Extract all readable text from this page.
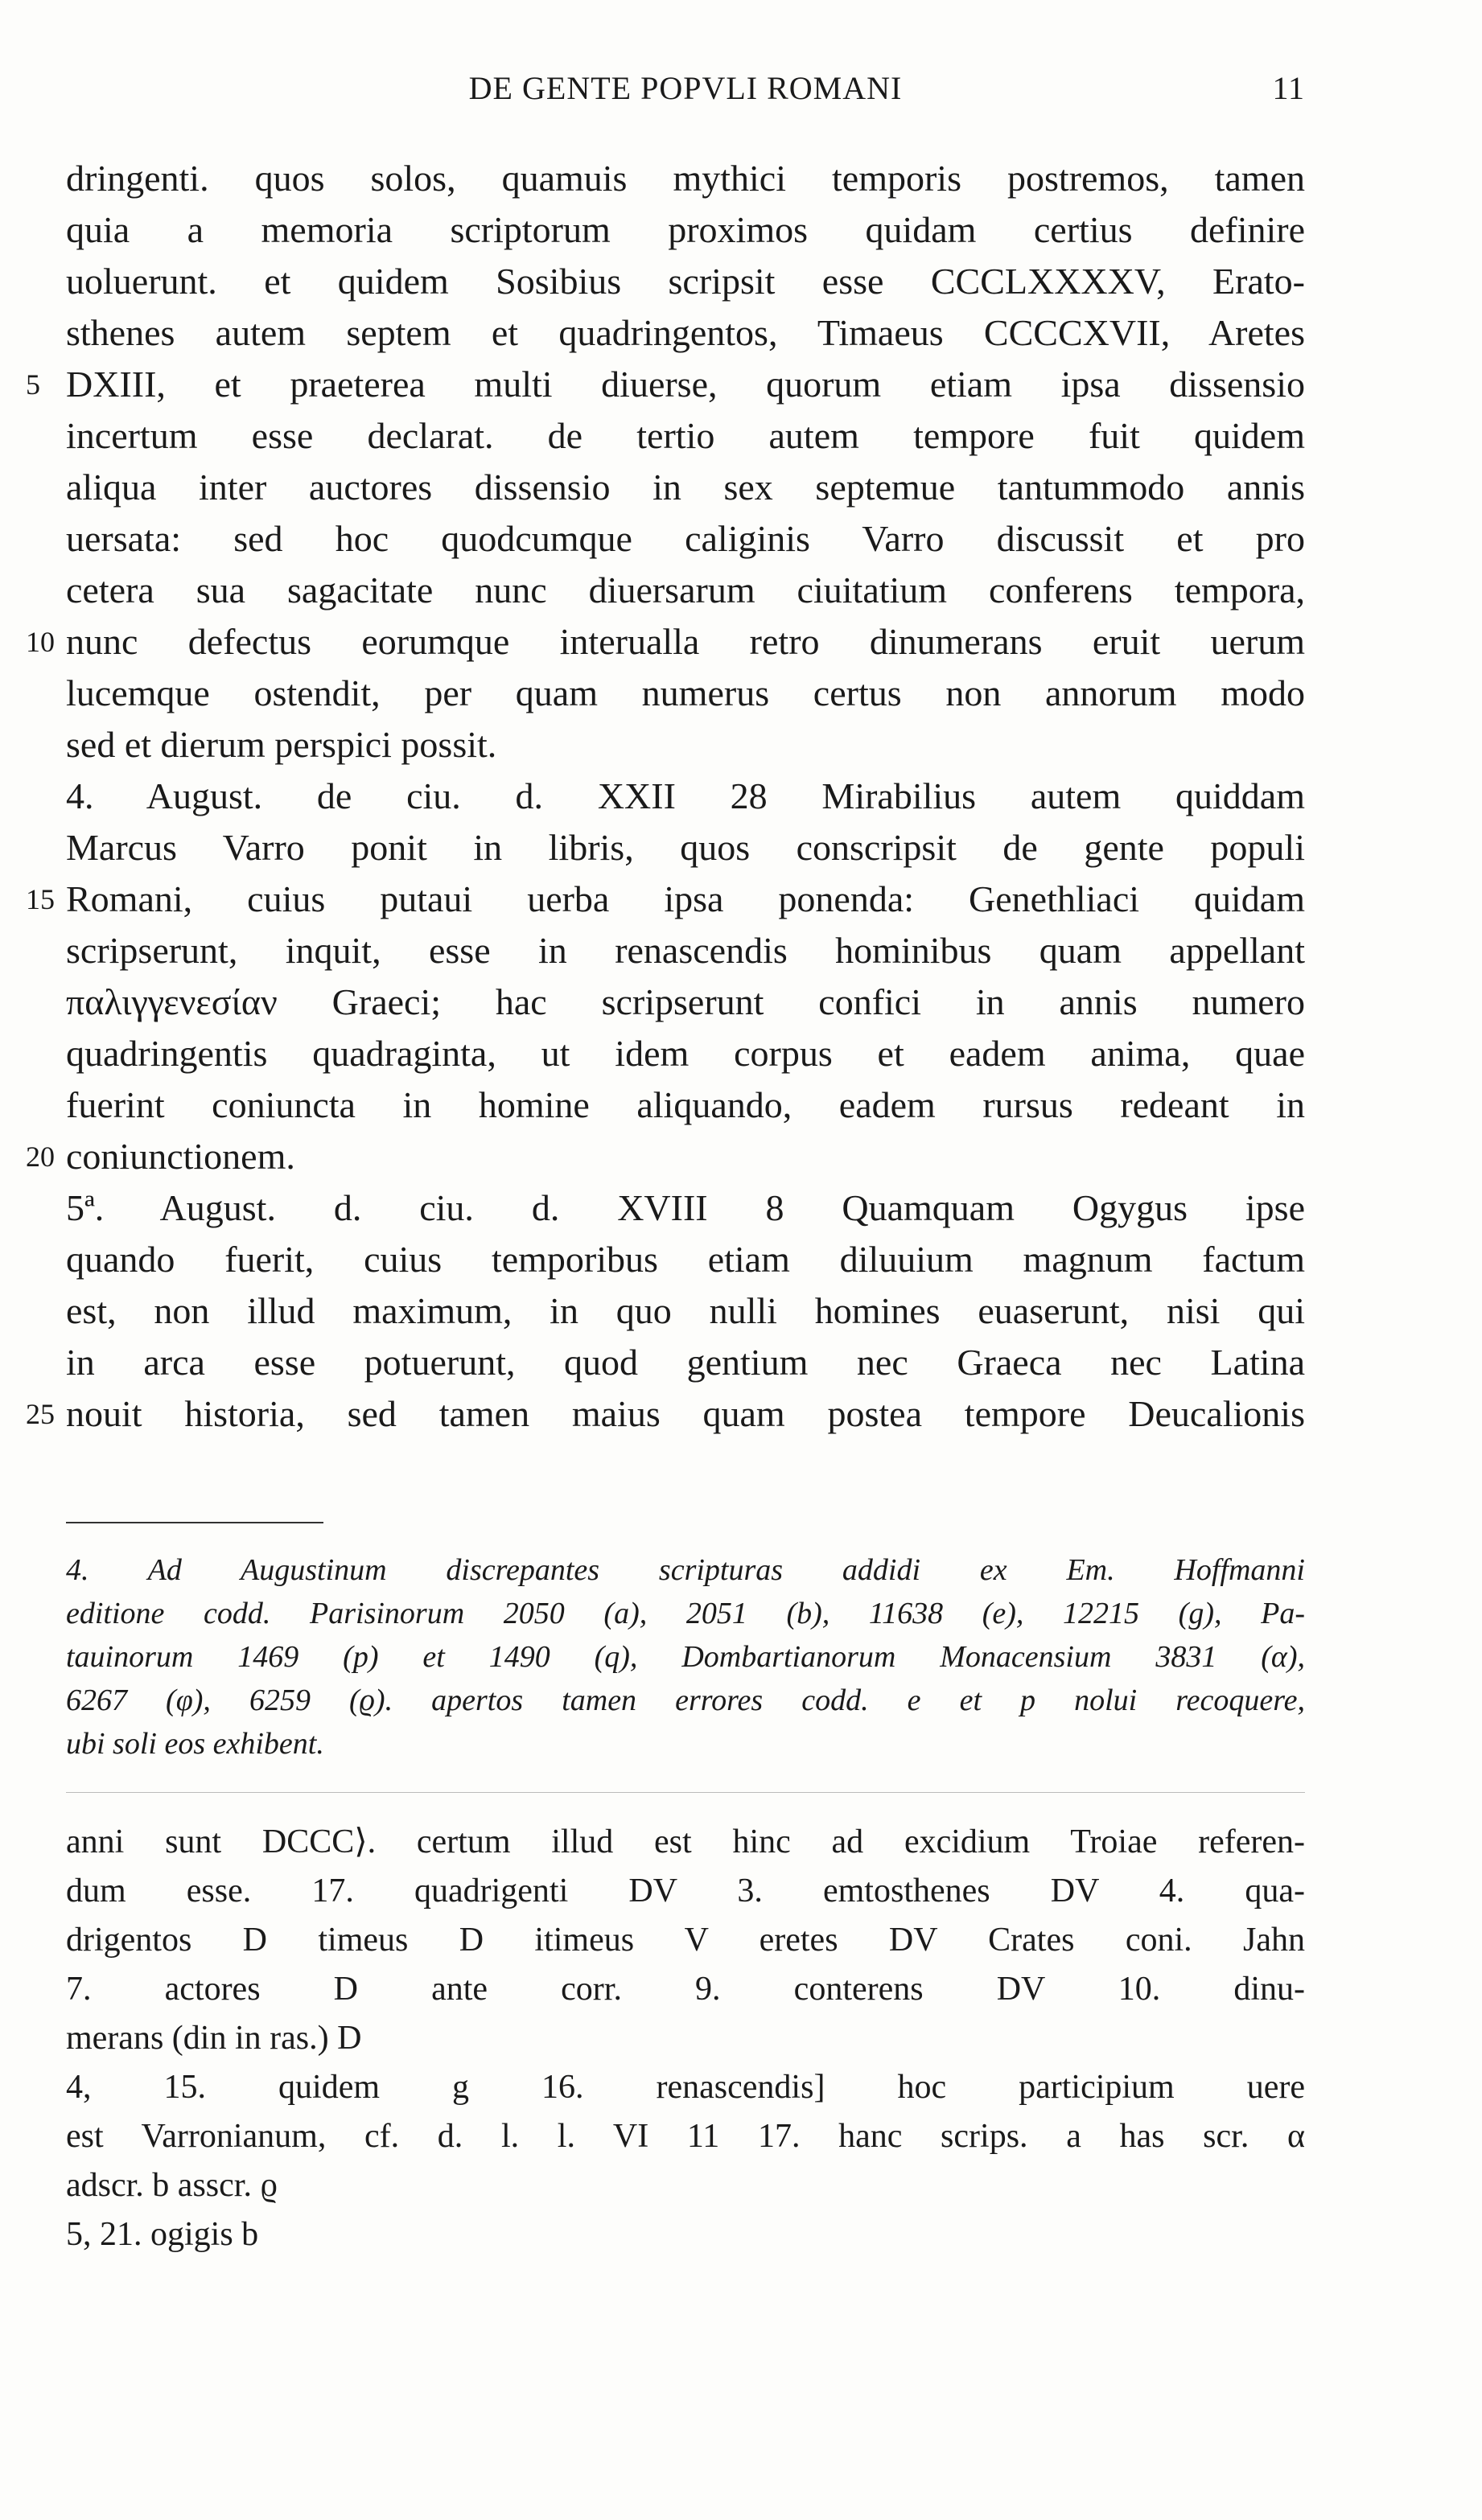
DE GENTE POPVLI ROMANI	11
dringenti. quos solos, quamuis mythici temporis postremos, tamen
quia a memoria scriptorum proximos quidam certius definire
uoluerunt. et quidem Sosibius scripsit esse CCCLXXXXV, Erato-
sthenes autem septem et quadringentos, Timaeus CCCCXVII, Aretes
5 DXIII, et praeterea multi diuerse, quorum etiam ipsa dissensio
incertum esse declarat. de tertio autem tempore fuit quidem
aliqua inter auctores dissensio in sex septemue tantummodo annis
uersata: sed hoc quodcumque caliginis Varro discussit et pro
cetera sua sagacitate nunc diuersarum ciuitatium conferens tempora,
10 nunc defectus eorumque interualla retro dinumerans eruit uerum
lucemque ostendit, per quam numerus certus non annorum modo
sed et dierum perspici possit.
4. August. de ciu. d. XXII 28 Mirabilius autem quiddam
Marcus Varro ponit in libris, quos conscripsit de gente populi
15 Romani, cuius putaui uerba ipsa ponenda: Genethliaci quidam
scripserunt, inquit, esse in renascendis hominibus quam appellant
παλιγγενεσίαν Graeci; hac scripserunt confici in annis numero
quadringentis quadraginta, ut idem corpus et eadem anima, quae
fuerint coniuncta in homine aliquando, eadem rursus redeant in
20 coniunctionem.
5ª. August. d. ciu. d. XVIII 8 Quamquam Ogygus ipse
quando fuerit, cuius temporibus etiam diluuium magnum factum
est, non illud maximum, in quo nulli homines euaserunt, nisi qui
in arca esse potuerunt, quod gentium nec Graeca nec Latina
25 nouit historia, sed tamen maius quam postea tempore Deucalionis
4. Ad Augustinum discrepantes scripturas addidi ex Em. Hoffmanni
editione codd. Parisinorum 2050 (a), 2051 (b), 11638 (e), 12215 (g), Pa-
tauinorum 1469 (p) et 1490 (q), Dombartianorum Monacensium 3831 (α),
6267 (φ), 6259 (ϱ). apertos tamen errores codd. e et p nolui recoquere,
ubi soli eos exhibent.
anni sunt DCCC⟩. certum illud est hinc ad excidium Troiae referen-
dum esse. 17. quadrigenti DV 3. emtosthenes DV 4. qua-
drigentos D timeus D itimeus V eretes DV Crates coni. Jahn
7. actores D ante corr. 9. conterens DV 10. dinu-
merans (din in ras.) D
4, 15. quidem g 16. renascendis] hoc participium uere
est Varronianum, cf. d. l. l. VI 11 17. hanc scrips. a has scr. α
adscr. b asscr. ϱ
5, 21. ogigis b
